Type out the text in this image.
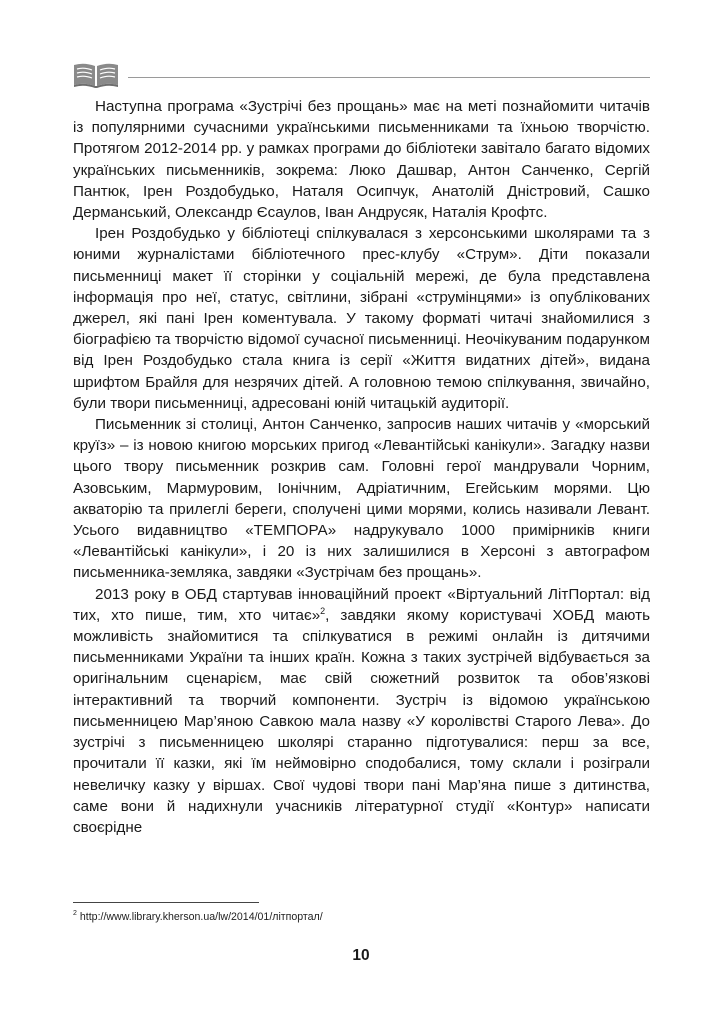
Наступна програма «Зустрічі без прощань» має на меті познайомити читачів із популярними сучасними українськими письменниками та їхньою творчістю. Протягом 2012-2014 рр. у рамках програми до бібліотеки завітало багато відомих українських письменників, зокрема: Люко Дашвар, Антон Санченко, Сергій Пантюк, Ірен Роздобудько, Наталя Осипчук, Анатолій Дністровий, Сашко Дерманський, Олександр Єсаулов, Іван Андрусяк, Наталія Крофтс.

Ірен Роздобудько у бібліотеці спілкувалася з херсонськими школярами та з юними журналістами бібліотечного прес-клубу «Струм». Діти показали письменниці макет її сторінки у соціальній мережі, де була представлена інформація про неї, статус, світлини, зібрані «струмінцями» із опублікованих джерел, які пані Ірен коментувала. У такому форматі читачі знайомилися з біографією та творчістю відомої сучасної письменниці. Неочікуваним подарунком від Ірен Роздобудько стала книга із серії «Життя видатних дітей», видана шрифтом Брайля для незрячих дітей. А головною темою спілкування, звичайно, були твори письменниці, адресовані юній читацькій аудиторії.

Письменник зі столиці, Антон Санченко, запросив наших читачів у «морський круїз» – із новою книгою морських пригод «Левантійські канікули». Загадку назви цього твору письменник розкрив сам. Головні герої мандрували Чорним, Азовським, Мармуровим, Іонічним, Адріатичним, Егейським морями. Цю акваторію та прилеглі береги, сполучені цими морями, колись називали Левант. Усього видавництво «ТЕМПОРА» надрукувало 1000 примірників книги «Левантійські канікули», і 20 із них залишилися в Херсоні з автографом письменника-земляка, завдяки «Зустрічам без прощань».

2013 року в ОБД стартував інноваційний проект «Віртуальний ЛітПортал: від тих, хто пише, тим, хто читає»$^2$, завдяки якому користувачі ХОБД мають можливість знайомитися та спілкуватися в режимі онлайн із дитячими письменниками України та інших країн. Кожна з таких зустрічей відбувається за оригінальним сценарієм, має свій сюжетний розвиток та обов’язкові інтерактивний та творчий компоненти. Зустріч із відомою українською письменницею Мар’яною Савкою мала назву «У королівстві Старого Лева». До зустрічі з письменницею школярі старанно підготувалися: перш за все, прочитали її казки, які їм неймовірно сподобалися, тому склали і розіграли невеличку казку у віршах. Свої чудові твори пані Мар’яна пише з дитинства, саме вони й надихнули учасників літературної студії «Контур» написати своєрідне

$^2$ http://www.library.kherson.ua/lw/2014/01/літпортал/
10
